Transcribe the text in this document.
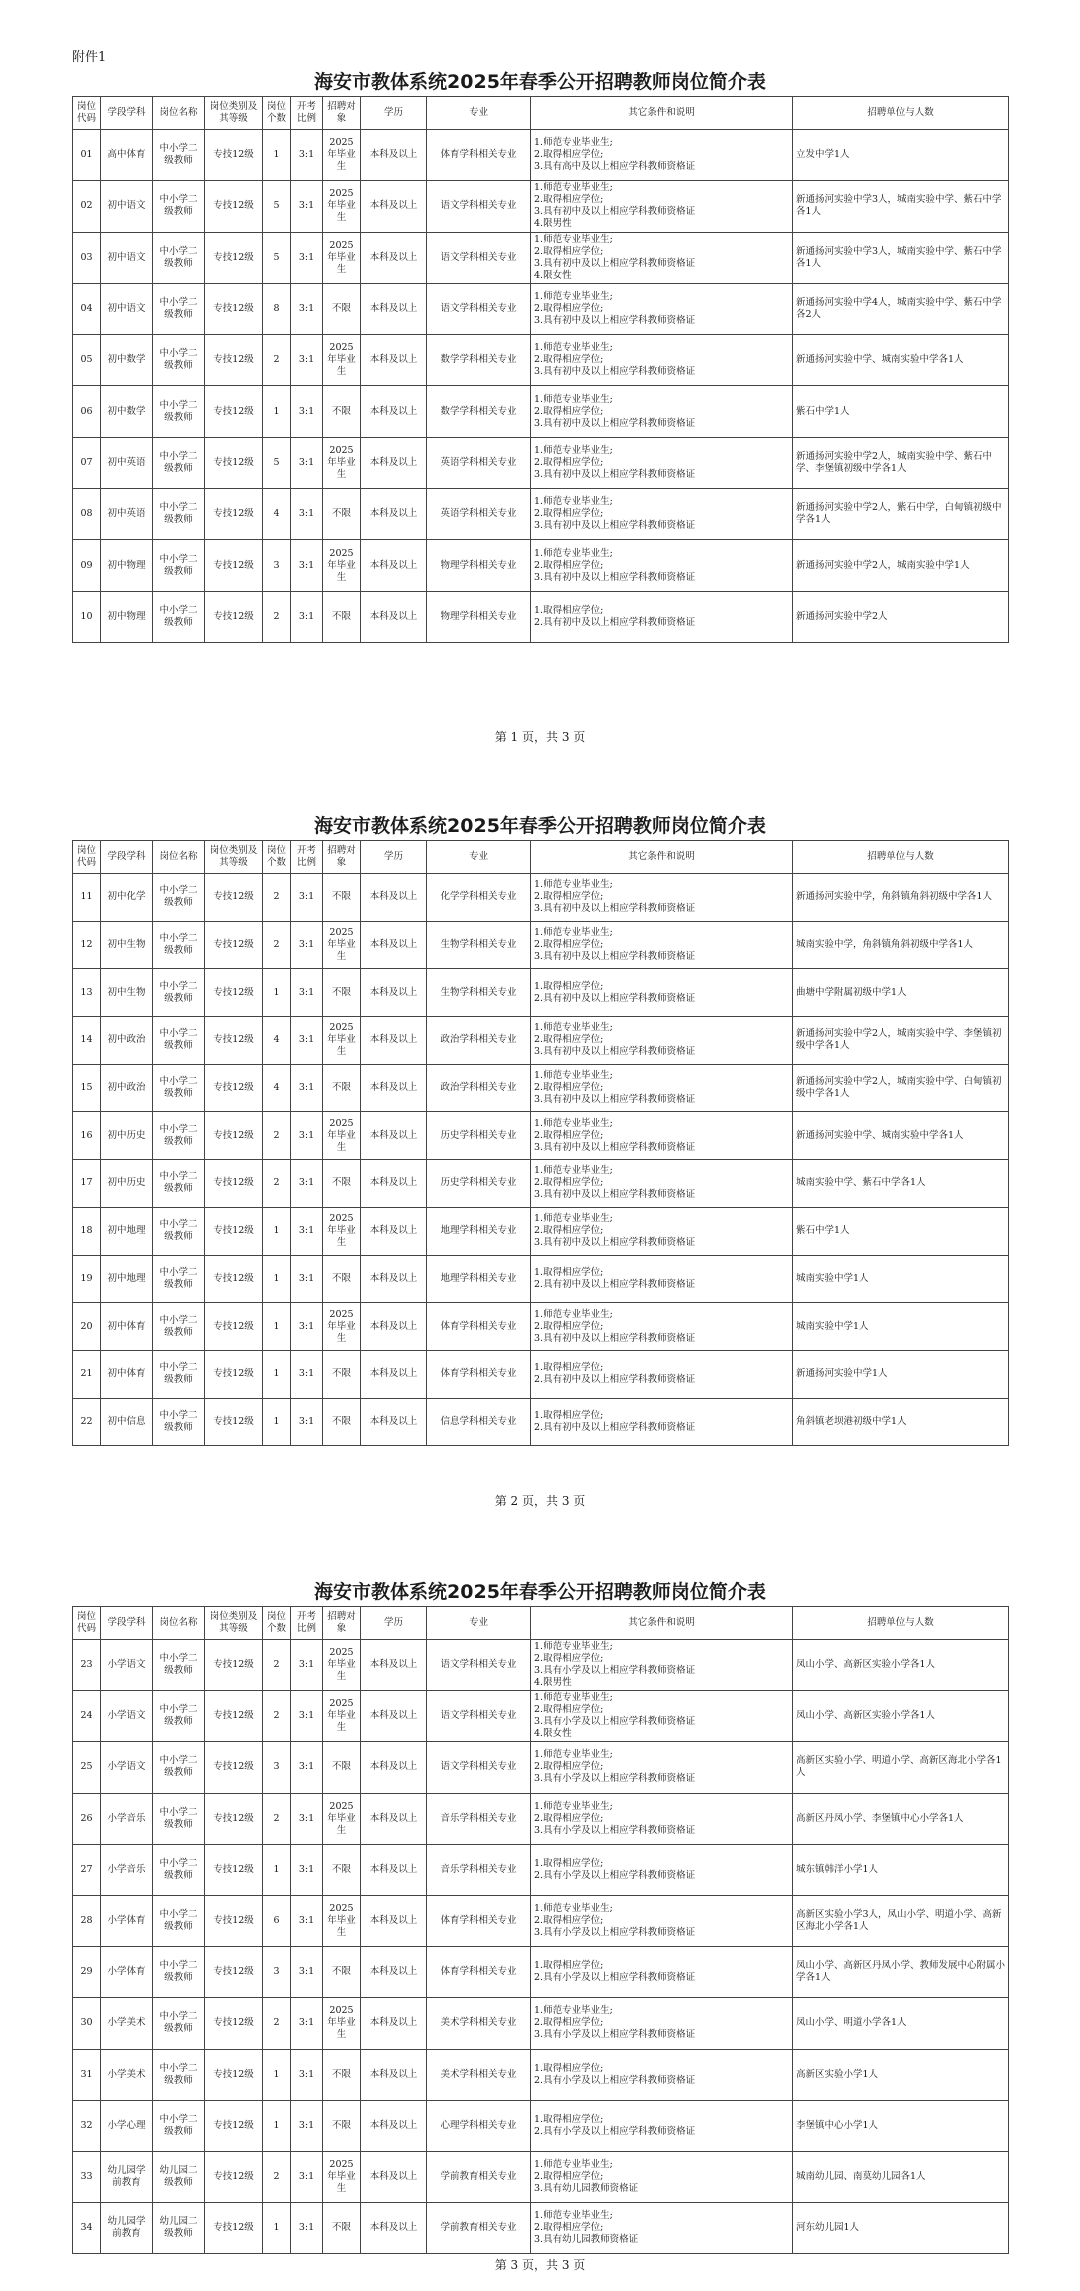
附件1
海安市教体系统2025年春季公开招聘教师岗位简介表
岗位代码	学段学科	岗位名称	岗位类别及其等级	岗位个数	开考比例	招聘对象	学历	专业	其它条件和说明	招聘单位与人数
01	高中体育	中小学二级教师	专技12级	1	3:1	2025年毕业生	本科及以上	体育学科相关专业	1.师范专业毕业生;
2.取得相应学位;
3.具有高中及以上相应学科教师资格证	立发中学1人
02	初中语文	中小学二级教师	专技12级	5	3:1	2025年毕业生	本科及以上	语文学科相关专业	1.师范专业毕业生;
2.取得相应学位;
3.具有初中及以上相应学科教师资格证
4.限男性	新通扬河实验中学3人，城南实验中学、紫石中学各1人
03	初中语文	中小学二级教师	专技12级	5	3:1	2025年毕业生	本科及以上	语文学科相关专业	1.师范专业毕业生;
2.取得相应学位;
3.具有初中及以上相应学科教师资格证
4.限女性	新通扬河实验中学3人，城南实验中学、紫石中学各1人
04	初中语文	中小学二级教师	专技12级	8	3:1	不限	本科及以上	语文学科相关专业	1.师范专业毕业生;
2.取得相应学位;
3.具有初中及以上相应学科教师资格证	新通扬河实验中学4人，城南实验中学、紫石中学各2人
05	初中数学	中小学二级教师	专技12级	2	3:1	2025年毕业生	本科及以上	数学学科相关专业	1.师范专业毕业生;
2.取得相应学位;
3.具有初中及以上相应学科教师资格证	新通扬河实验中学、城南实验中学各1人
06	初中数学	中小学二级教师	专技12级	1	3:1	不限	本科及以上	数学学科相关专业	1.师范专业毕业生;
2.取得相应学位;
3.具有初中及以上相应学科教师资格证	紫石中学1人
07	初中英语	中小学二级教师	专技12级	5	3:1	2025年毕业生	本科及以上	英语学科相关专业	1.师范专业毕业生;
2.取得相应学位;
3.具有初中及以上相应学科教师资格证	新通扬河实验中学2人，城南实验中学、紫石中学、李堡镇初级中学各1人
08	初中英语	中小学二级教师	专技12级	4	3:1	不限	本科及以上	英语学科相关专业	1.师范专业毕业生;
2.取得相应学位;
3.具有初中及以上相应学科教师资格证	新通扬河实验中学2人，紫石中学，白甸镇初级中学各1人
09	初中物理	中小学二级教师	专技12级	3	3:1	2025年毕业生	本科及以上	物理学科相关专业	1.师范专业毕业生;
2.取得相应学位;
3.具有初中及以上相应学科教师资格证	新通扬河实验中学2人，城南实验中学1人
10	初中物理	中小学二级教师	专技12级	2	3:1	不限	本科及以上	物理学科相关专业	1.取得相应学位;
2.具有初中及以上相应学科教师资格证	新通扬河实验中学2人
第 1 页，共 3 页
海安市教体系统2025年春季公开招聘教师岗位简介表
岗位代码	学段学科	岗位名称	岗位类别及其等级	岗位个数	开考比例	招聘对象	学历	专业	其它条件和说明	招聘单位与人数
11	初中化学	中小学二级教师	专技12级	2	3:1	不限	本科及以上	化学学科相关专业	1.师范专业毕业生;
2.取得相应学位;
3.具有初中及以上相应学科教师资格证	新通扬河实验中学，角斜镇角斜初级中学各1人
12	初中生物	中小学二级教师	专技12级	2	3:1	2025年毕业生	本科及以上	生物学科相关专业	1.师范专业毕业生;
2.取得相应学位;
3.具有初中及以上相应学科教师资格证	城南实验中学，角斜镇角斜初级中学各1人
13	初中生物	中小学二级教师	专技12级	1	3:1	不限	本科及以上	生物学科相关专业	1.取得相应学位;
2.具有初中及以上相应学科教师资格证	曲塘中学附属初级中学1人
14	初中政治	中小学二级教师	专技12级	4	3:1	2025年毕业生	本科及以上	政治学科相关专业	1.师范专业毕业生;
2.取得相应学位;
3.具有初中及以上相应学科教师资格证	新通扬河实验中学2人，城南实验中学、李堡镇初级中学各1人
15	初中政治	中小学二级教师	专技12级	4	3:1	不限	本科及以上	政治学科相关专业	1.师范专业毕业生;
2.取得相应学位;
3.具有初中及以上相应学科教师资格证	新通扬河实验中学2人，城南实验中学、白甸镇初级中学各1人
16	初中历史	中小学二级教师	专技12级	2	3:1	2025年毕业生	本科及以上	历史学科相关专业	1.师范专业毕业生;
2.取得相应学位;
3.具有初中及以上相应学科教师资格证	新通扬河实验中学、城南实验中学各1人
17	初中历史	中小学二级教师	专技12级	2	3:1	不限	本科及以上	历史学科相关专业	1.师范专业毕业生;
2.取得相应学位;
3.具有初中及以上相应学科教师资格证	城南实验中学、紫石中学各1人
18	初中地理	中小学二级教师	专技12级	1	3:1	2025年毕业生	本科及以上	地理学科相关专业	1.师范专业毕业生;
2.取得相应学位;
3.具有初中及以上相应学科教师资格证	紫石中学1人
19	初中地理	中小学二级教师	专技12级	1	3:1	不限	本科及以上	地理学科相关专业	1.取得相应学位;
2.具有初中及以上相应学科教师资格证	城南实验中学1人
20	初中体育	中小学二级教师	专技12级	1	3:1	2025年毕业生	本科及以上	体育学科相关专业	1.师范专业毕业生;
2.取得相应学位;
3.具有初中及以上相应学科教师资格证	城南实验中学1人
21	初中体育	中小学二级教师	专技12级	1	3:1	不限	本科及以上	体育学科相关专业	1.取得相应学位;
2.具有初中及以上相应学科教师资格证	新通扬河实验中学1人
22	初中信息	中小学二级教师	专技12级	1	3:1	不限	本科及以上	信息学科相关专业	1.取得相应学位;
2.具有初中及以上相应学科教师资格证	角斜镇老坝港初级中学1人
第 2 页，共 3 页
海安市教体系统2025年春季公开招聘教师岗位简介表
岗位代码	学段学科	岗位名称	岗位类别及其等级	岗位个数	开考比例	招聘对象	学历	专业	其它条件和说明	招聘单位与人数
23	小学语文	中小学二级教师	专技12级	2	3:1	2025年毕业生	本科及以上	语文学科相关专业	1.师范专业毕业生;
2.取得相应学位;
3.具有小学及以上相应学科教师资格证
4.限男性	凤山小学、高新区实验小学各1人
24	小学语文	中小学二级教师	专技12级	2	3:1	2025年毕业生	本科及以上	语文学科相关专业	1.师范专业毕业生;
2.取得相应学位;
3.具有小学及以上相应学科教师资格证
4.限女性	凤山小学、高新区实验小学各1人
25	小学语文	中小学二级教师	专技12级	3	3:1	不限	本科及以上	语文学科相关专业	1.师范专业毕业生;
2.取得相应学位;
3.具有小学及以上相应学科教师资格证	高新区实验小学、明道小学、高新区海北小学各1人
26	小学音乐	中小学二级教师	专技12级	2	3:1	2025年毕业生	本科及以上	音乐学科相关专业	1.师范专业毕业生;
2.取得相应学位;
3.具有小学及以上相应学科教师资格证	高新区丹凤小学、李堡镇中心小学各1人
27	小学音乐	中小学二级教师	专技12级	1	3:1	不限	本科及以上	音乐学科相关专业	1.取得相应学位;
2.具有小学及以上相应学科教师资格证	城东镇韩洋小学1人
28	小学体育	中小学二级教师	专技12级	6	3:1	2025年毕业生	本科及以上	体育学科相关专业	1.师范专业毕业生;
2.取得相应学位;
3.具有小学及以上相应学科教师资格证	高新区实验小学3人，凤山小学、明道小学、高新区海北小学各1人
29	小学体育	中小学二级教师	专技12级	3	3:1	不限	本科及以上	体育学科相关专业	1.取得相应学位;
2.具有小学及以上相应学科教师资格证	凤山小学、高新区丹凤小学、教师发展中心附属小学各1人
30	小学美术	中小学二级教师	专技12级	2	3:1	2025年毕业生	本科及以上	美术学科相关专业	1.师范专业毕业生;
2.取得相应学位;
3.具有小学及以上相应学科教师资格证	凤山小学、明道小学各1人
31	小学美术	中小学二级教师	专技12级	1	3:1	不限	本科及以上	美术学科相关专业	1.取得相应学位;
2.具有小学及以上相应学科教师资格证	高新区实验小学1人
32	小学心理	中小学二级教师	专技12级	1	3:1	不限	本科及以上	心理学科相关专业	1.取得相应学位;
2.具有小学及以上相应学科教师资格证	李堡镇中心小学1人
33	幼儿园学前教育	幼儿园二级教师	专技12级	2	3:1	2025年毕业生	本科及以上	学前教育相关专业	1.师范专业毕业生;
2.取得相应学位;
3.具有幼儿园教师资格证	城南幼儿园、南莫幼儿园各1人
34	幼儿园学前教育	幼儿园二级教师	专技12级	1	3:1	不限	本科及以上	学前教育相关专业	1.师范专业毕业生;
2.取得相应学位;
3.具有幼儿园教师资格证	河东幼儿园1人
第 3 页，共 3 页
